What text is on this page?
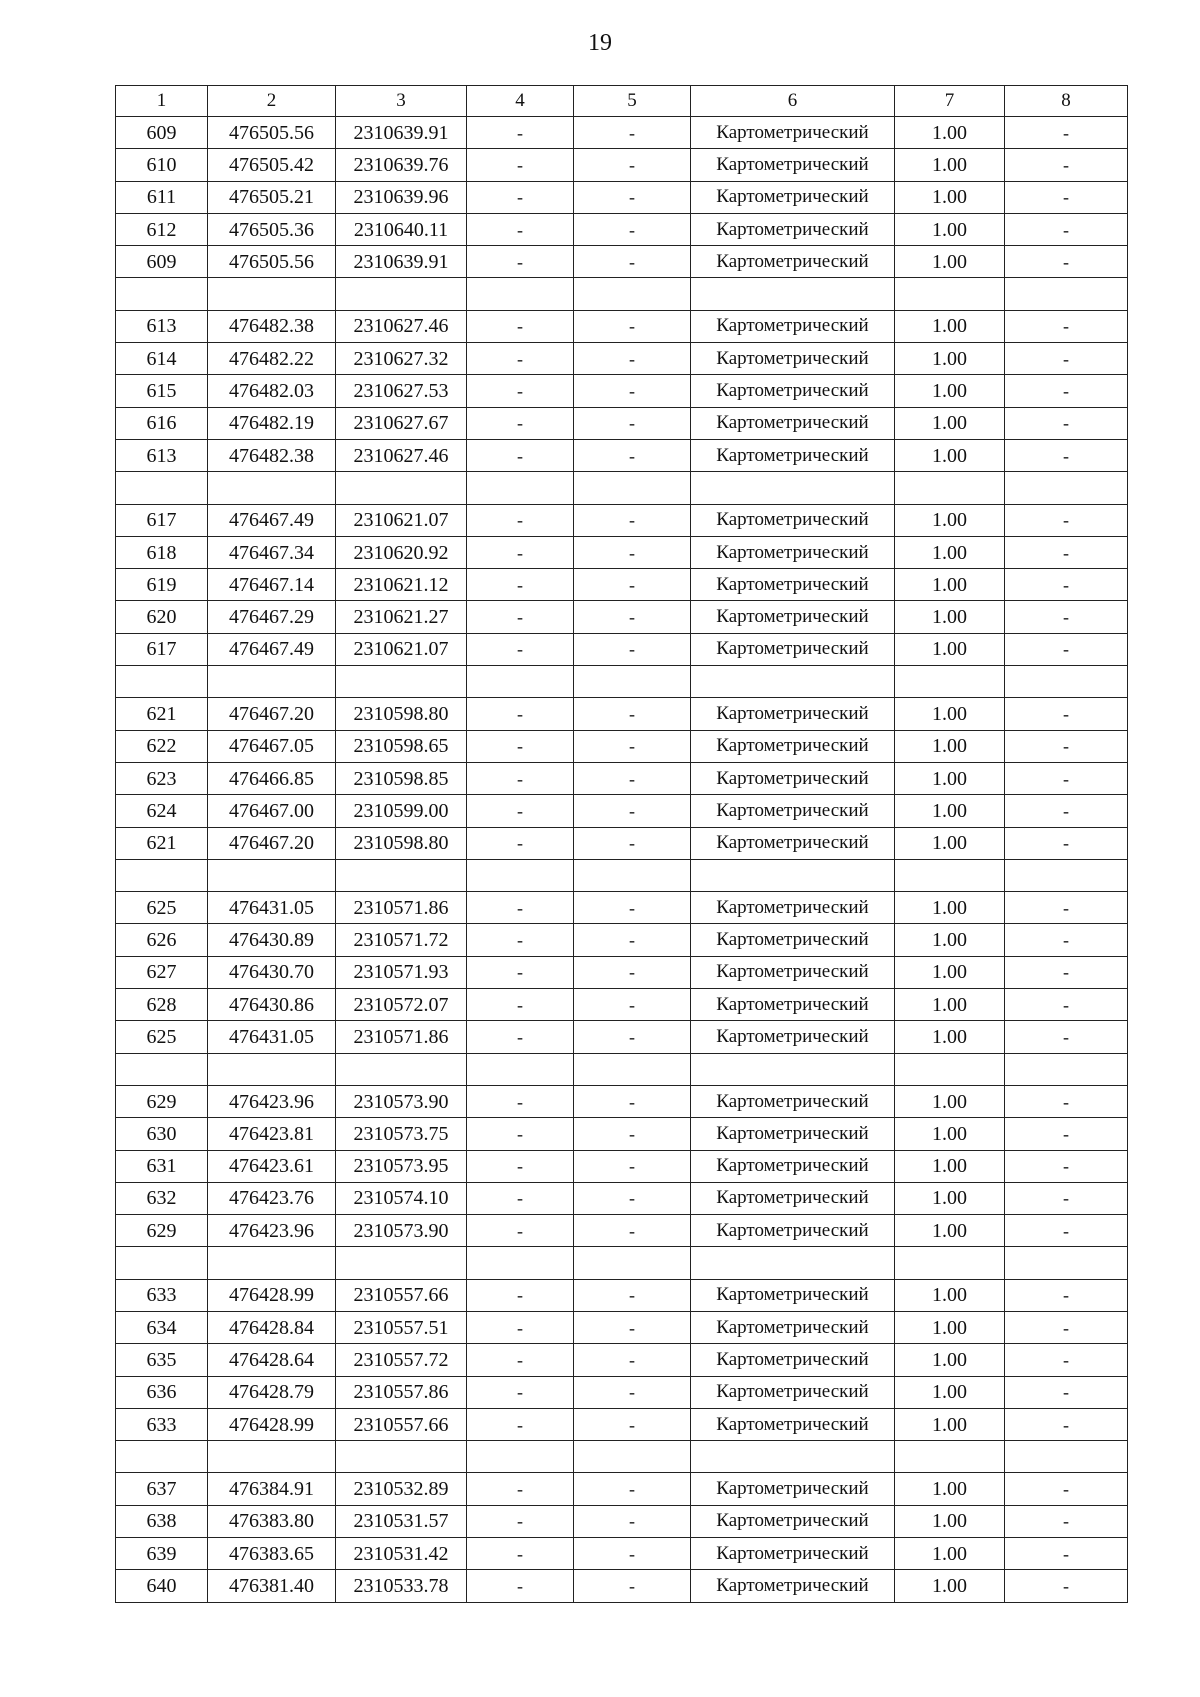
19
1	2	3	4	5	6	7	8
609	476505.56	2310639.91	-	-	Картометрический	1.00	-
610	476505.42	2310639.76	-	-	Картометрический	1.00	-
611	476505.21	2310639.96	-	-	Картометрический	1.00	-
612	476505.36	2310640.11	-	-	Картометрический	1.00	-
609	476505.56	2310639.91	-	-	Картометрический	1.00	-

613	476482.38	2310627.46	-	-	Картометрический	1.00	-
614	476482.22	2310627.32	-	-	Картометрический	1.00	-
615	476482.03	2310627.53	-	-	Картометрический	1.00	-
616	476482.19	2310627.67	-	-	Картометрический	1.00	-
613	476482.38	2310627.46	-	-	Картометрический	1.00	-

617	476467.49	2310621.07	-	-	Картометрический	1.00	-
618	476467.34	2310620.92	-	-	Картометрический	1.00	-
619	476467.14	2310621.12	-	-	Картометрический	1.00	-
620	476467.29	2310621.27	-	-	Картометрический	1.00	-
617	476467.49	2310621.07	-	-	Картометрический	1.00	-

621	476467.20	2310598.80	-	-	Картометрический	1.00	-
622	476467.05	2310598.65	-	-	Картометрический	1.00	-
623	476466.85	2310598.85	-	-	Картометрический	1.00	-
624	476467.00	2310599.00	-	-	Картометрический	1.00	-
621	476467.20	2310598.80	-	-	Картометрический	1.00	-

625	476431.05	2310571.86	-	-	Картометрический	1.00	-
626	476430.89	2310571.72	-	-	Картометрический	1.00	-
627	476430.70	2310571.93	-	-	Картометрический	1.00	-
628	476430.86	2310572.07	-	-	Картометрический	1.00	-
625	476431.05	2310571.86	-	-	Картометрический	1.00	-

629	476423.96	2310573.90	-	-	Картометрический	1.00	-
630	476423.81	2310573.75	-	-	Картометрический	1.00	-
631	476423.61	2310573.95	-	-	Картометрический	1.00	-
632	476423.76	2310574.10	-	-	Картометрический	1.00	-
629	476423.96	2310573.90	-	-	Картометрический	1.00	-

633	476428.99	2310557.66	-	-	Картометрический	1.00	-
634	476428.84	2310557.51	-	-	Картометрический	1.00	-
635	476428.64	2310557.72	-	-	Картометрический	1.00	-
636	476428.79	2310557.86	-	-	Картометрический	1.00	-
633	476428.99	2310557.66	-	-	Картометрический	1.00	-

637	476384.91	2310532.89	-	-	Картометрический	1.00	-
638	476383.80	2310531.57	-	-	Картометрический	1.00	-
639	476383.65	2310531.42	-	-	Картометрический	1.00	-
640	476381.40	2310533.78	-	-	Картометрический	1.00	-
